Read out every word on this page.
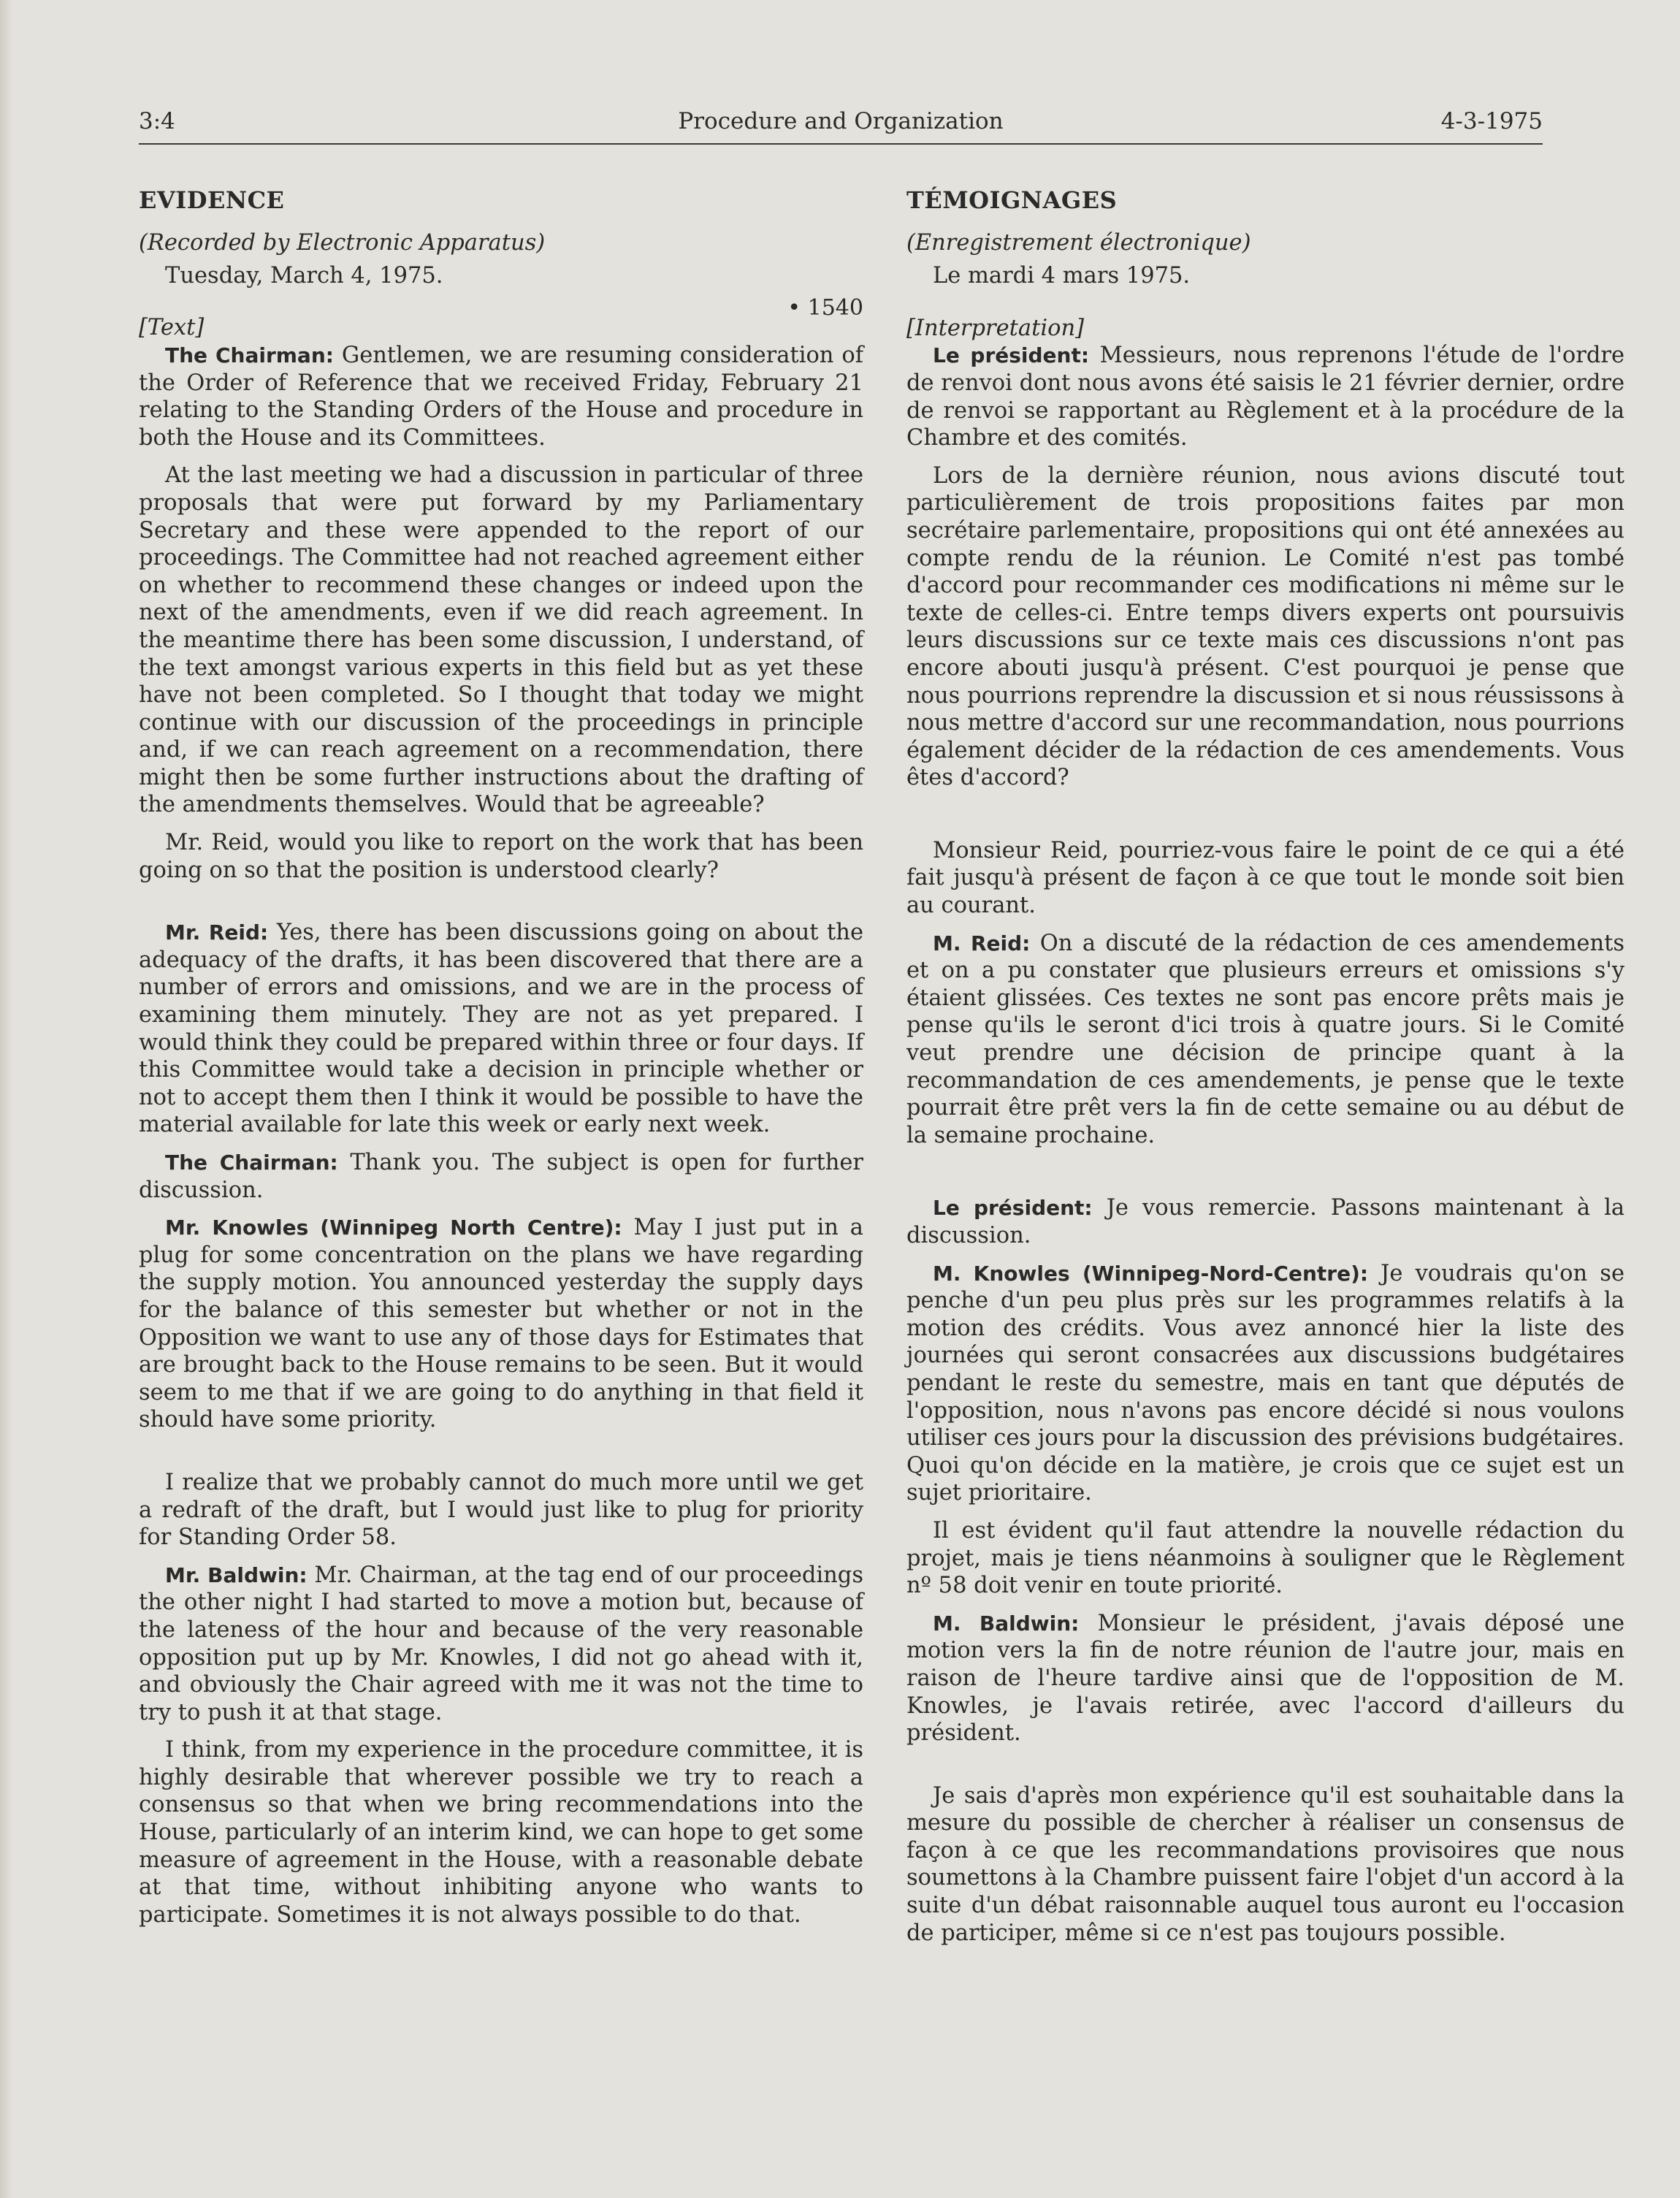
3:4	Procedure and Organization	4-3-1975
EVIDENCE

(Recorded by Electronic Apparatus)

Tuesday, March 4, 1975.

• 1540

[Text]

The Chairman: Gentlemen, we are resuming consideration of the Order of Reference that we received Friday, February 21 relating to the Standing Orders of the House and procedure in both the House and its Committees.

At the last meeting we had a discussion in particular of three proposals that were put forward by my Parliamentary Secretary and these were appended to the report of our proceedings. The Committee had not reached agreement either on whether to recommend these changes or indeed upon the next of the amendments, even if we did reach agreement. In the meantime there has been some discussion, I understand, of the text amongst various experts in this field but as yet these have not been completed. So I thought that today we might continue with our discussion of the proceedings in principle and, if we can reach agreement on a recommendation, there might then be some further instructions about the drafting of the amendments themselves. Would that be agreeable?

Mr. Reid, would you like to report on the work that has been going on so that the position is understood clearly?

Mr. Reid: Yes, there has been discussions going on about the adequacy of the drafts, it has been discovered that there are a number of errors and omissions, and we are in the process of examining them minutely. They are not as yet prepared. I would think they could be prepared within three or four days. If this Committee would take a decision in principle whether or not to accept them then I think it would be possible to have the material available for late this week or early next week.

The Chairman: Thank you. The subject is open for further discussion.

Mr. Knowles (Winnipeg North Centre): May I just put in a plug for some concentration on the plans we have regarding the supply motion. You announced yesterday the supply days for the balance of this semester but whether or not in the Opposition we want to use any of those days for Estimates that are brought back to the House remains to be seen. But it would seem to me that if we are going to do anything in that field it should have some priority.

I realize that we probably cannot do much more until we get a redraft of the draft, but I would just like to plug for priority for Standing Order 58.

Mr. Baldwin: Mr. Chairman, at the tag end of our proceedings the other night I had started to move a motion but, because of the lateness of the hour and because of the very reasonable opposition put up by Mr. Knowles, I did not go ahead with it, and obviously the Chair agreed with me it was not the time to try to push it at that stage.

I think, from my experience in the procedure committee, it is highly desirable that wherever possible we try to reach a consensus so that when we bring recommendations into the House, particularly of an interim kind, we can hope to get some measure of agreement in the House, with a reasonable debate at that time, without inhibiting anyone who wants to participate. Sometimes it is not always possible to do that.

TÉMOIGNAGES

(Enregistrement électronique)

Le mardi 4 mars 1975.

[Interpretation]

Le président: Messieurs, nous reprenons l'étude de l'ordre de renvoi dont nous avons été saisis le 21 février dernier, ordre de renvoi se rapportant au Règlement et à la procédure de la Chambre et des comités.

Lors de la dernière réunion, nous avions discuté tout particulièrement de trois propositions faites par mon secrétaire parlementaire, propositions qui ont été annexées au compte rendu de la réunion. Le Comité n'est pas tombé d'accord pour recommander ces modifications ni même sur le texte de celles-ci. Entre temps divers experts ont poursuivis leurs discussions sur ce texte mais ces discussions n'ont pas encore abouti jusqu'à présent. C'est pourquoi je pense que nous pourrions reprendre la discussion et si nous réussissons à nous mettre d'accord sur une recommandation, nous pourrions également décider de la rédaction de ces amendements. Vous êtes d'accord?

Monsieur Reid, pourriez-vous faire le point de ce qui a été fait jusqu'à présent de façon à ce que tout le monde soit bien au courant.

M. Reid: On a discuté de la rédaction de ces amendements et on a pu constater que plusieurs erreurs et omissions s'y étaient glissées. Ces textes ne sont pas encore prêts mais je pense qu'ils le seront d'ici trois à quatre jours. Si le Comité veut prendre une décision de principe quant à la recommandation de ces amendements, je pense que le texte pourrait être prêt vers la fin de cette semaine ou au début de la semaine prochaine.

Le président: Je vous remercie. Passons maintenant à la discussion.

M. Knowles (Winnipeg-Nord-Centre): Je voudrais qu'on se penche d'un peu plus près sur les programmes relatifs à la motion des crédits. Vous avez annoncé hier la liste des journées qui seront consacrées aux discussions budgétaires pendant le reste du semestre, mais en tant que députés de l'opposition, nous n'avons pas encore décidé si nous voulons utiliser ces jours pour la discussion des prévisions budgétaires. Quoi qu'on décide en la matière, je crois que ce sujet est un sujet prioritaire.

Il est évident qu'il faut attendre la nouvelle rédaction du projet, mais je tiens néanmoins à souligner que le Règlement nº 58 doit venir en toute priorité.

M. Baldwin: Monsieur le président, j'avais déposé une motion vers la fin de notre réunion de l'autre jour, mais en raison de l'heure tardive ainsi que de l'opposition de M. Knowles, je l'avais retirée, avec l'accord d'ailleurs du président.

Je sais d'après mon expérience qu'il est souhaitable dans la mesure du possible de chercher à réaliser un consensus de façon à ce que les recommandations provisoires que nous soumettons à la Chambre puissent faire l'objet d'un accord à la suite d'un débat raisonnable auquel tous auront eu l'occasion de participer, même si ce n'est pas toujours possible.
